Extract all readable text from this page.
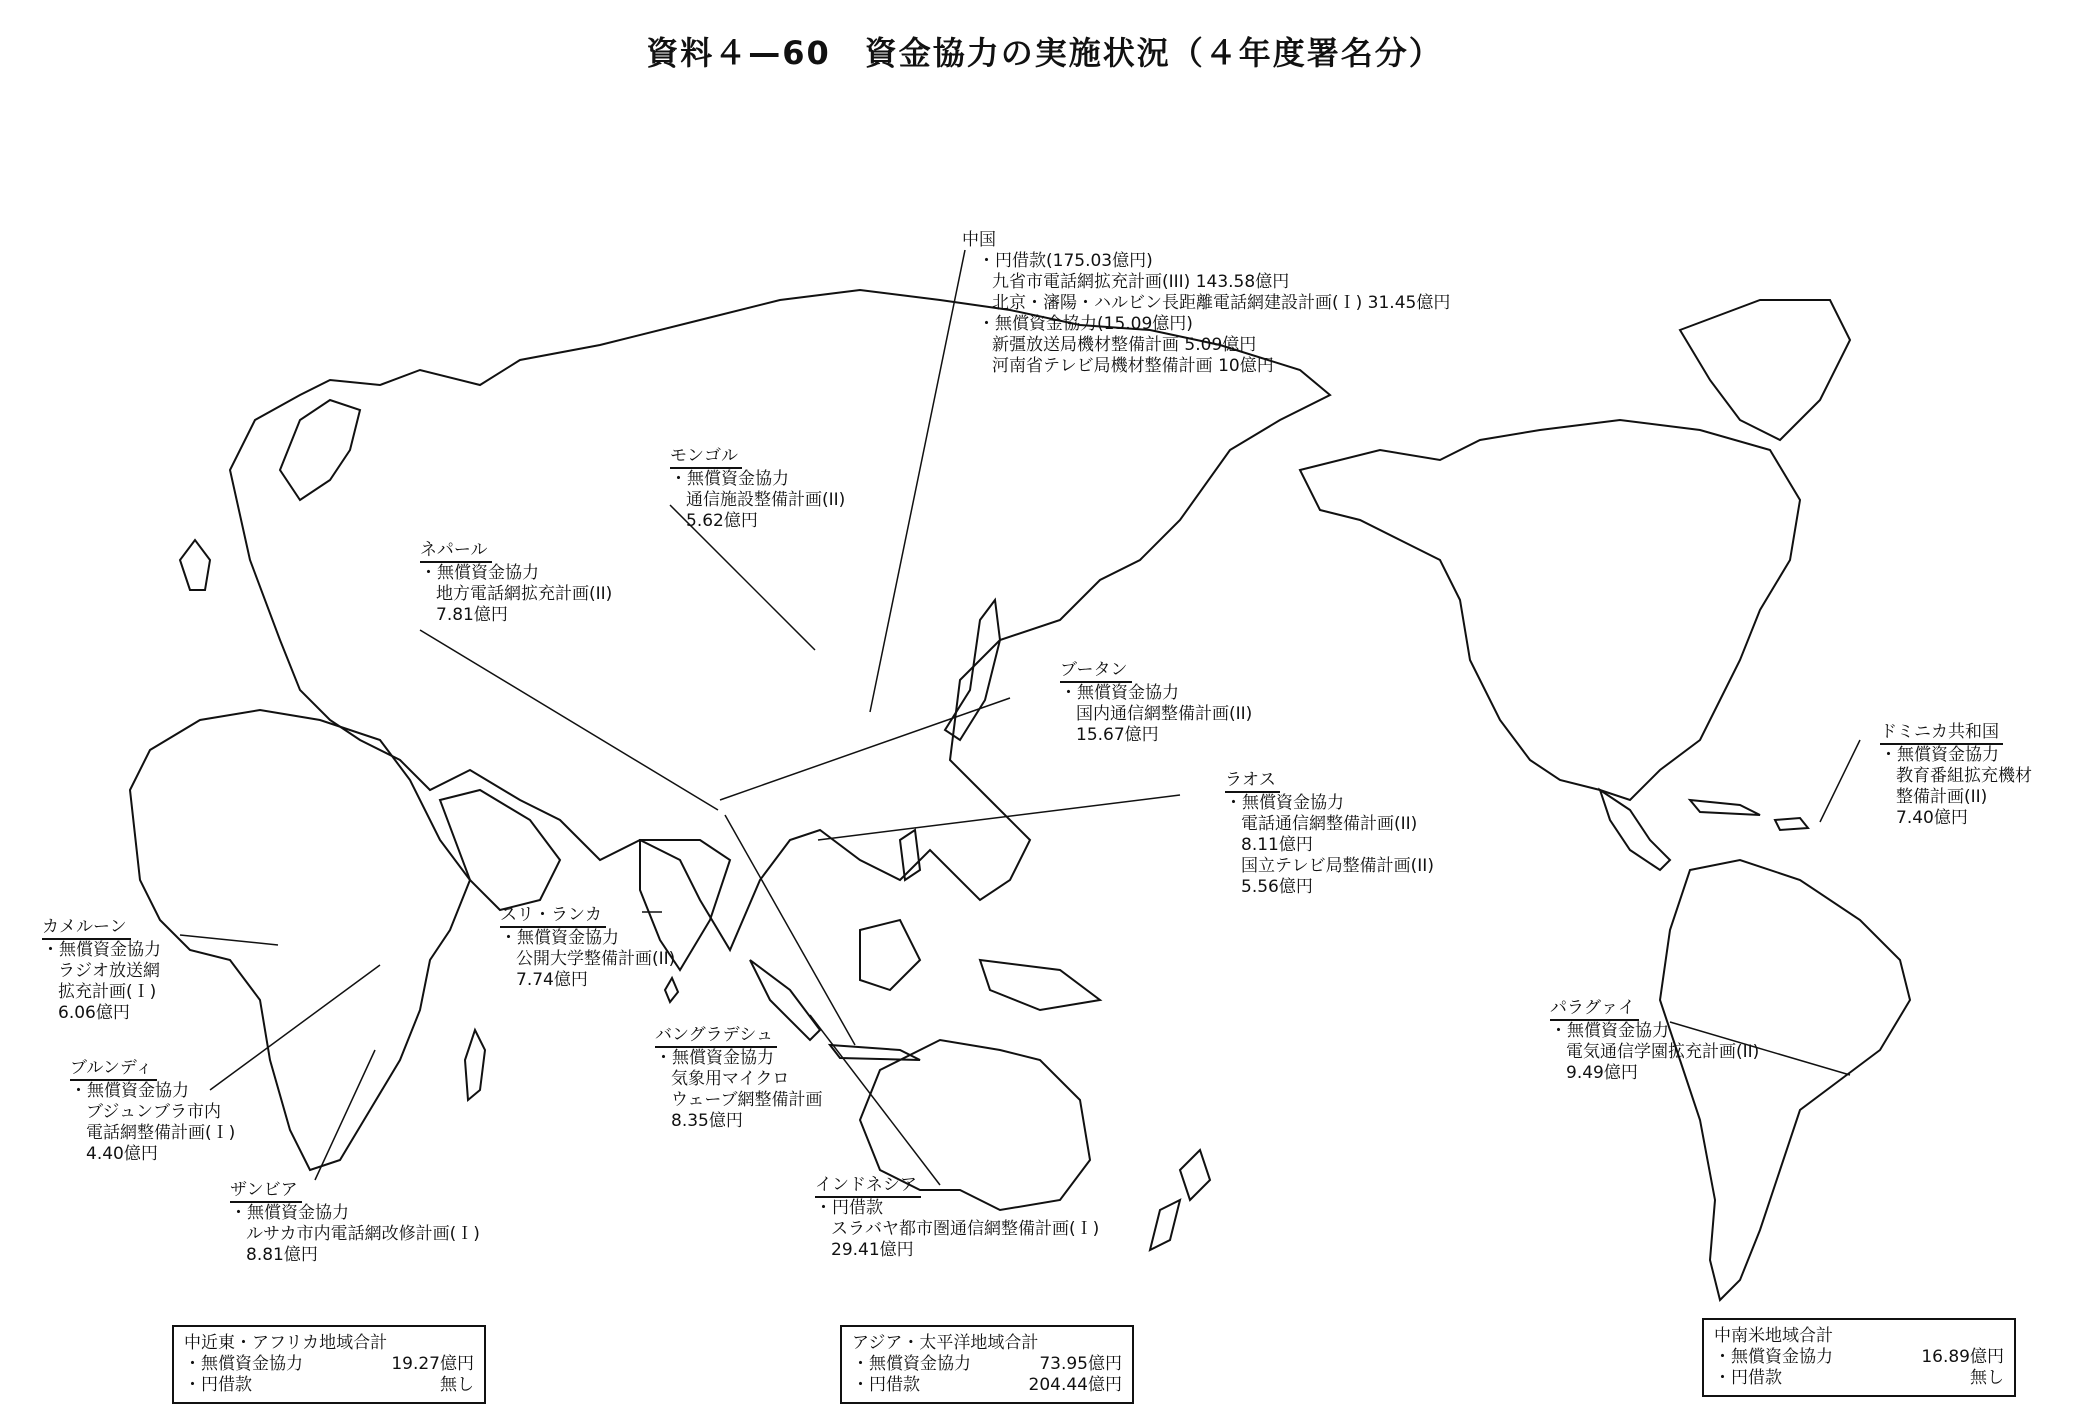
資料４—60　資金協力の実施状況（４年度署名分）
中国
・円借款(175.03億円)
九省市電話網拡充計画(III) 143.58億円
北京・瀋陽・ハルビン長距離電話網建設計画(Ｉ) 31.45億円
・無償資金協力(15.09億円)
新彊放送局機材整備計画 5.09億円
河南省テレビ局機材整備計画 10億円
モンゴル
・無償資金協力
通信施設整備計画(II)
5.62億円
ネパール
・無償資金協力
地方電話網拡充計画(II)
7.81億円
ブータン
・無償資金協力
国内通信網整備計画(II)
15.67億円
ラオス
・無償資金協力
電話通信網整備計画(II)
8.11億円
国立テレビ局整備計画(II)
5.56億円
ドミニカ共和国
・無償資金協力
教育番組拡充機材
整備計画(II)
7.40億円
カメルーン
・無償資金協力
ラジオ放送網
拡充計画(Ｉ)
6.06億円
スリ・ランカ
・無償資金協力
公開大学整備計画(II)
7.74億円
ブルンディ
・無償資金協力
ブジュンブラ市内
電話網整備計画(Ｉ)
4.40億円
バングラデシュ
・無償資金協力
気象用マイクロ
ウェーブ網整備計画
8.35億円
パラグァイ
・無償資金協力
電気通信学園拡充計画(II)
9.49億円
ザンビア
・無償資金協力
ルサカ市内電話網改修計画(Ｉ)
8.81億円
インドネシア
・円借款
スラバヤ都市圏通信網整備計画(Ｉ)
29.41億円
中近東・アフリカ地域合計
・無償資金協力	19.27億円
・円借款	無し
アジア・太平洋地域合計
・無償資金協力	73.95億円
・円借款	204.44億円
中南米地域合計
・無償資金協力	16.89億円
・円借款	無し
